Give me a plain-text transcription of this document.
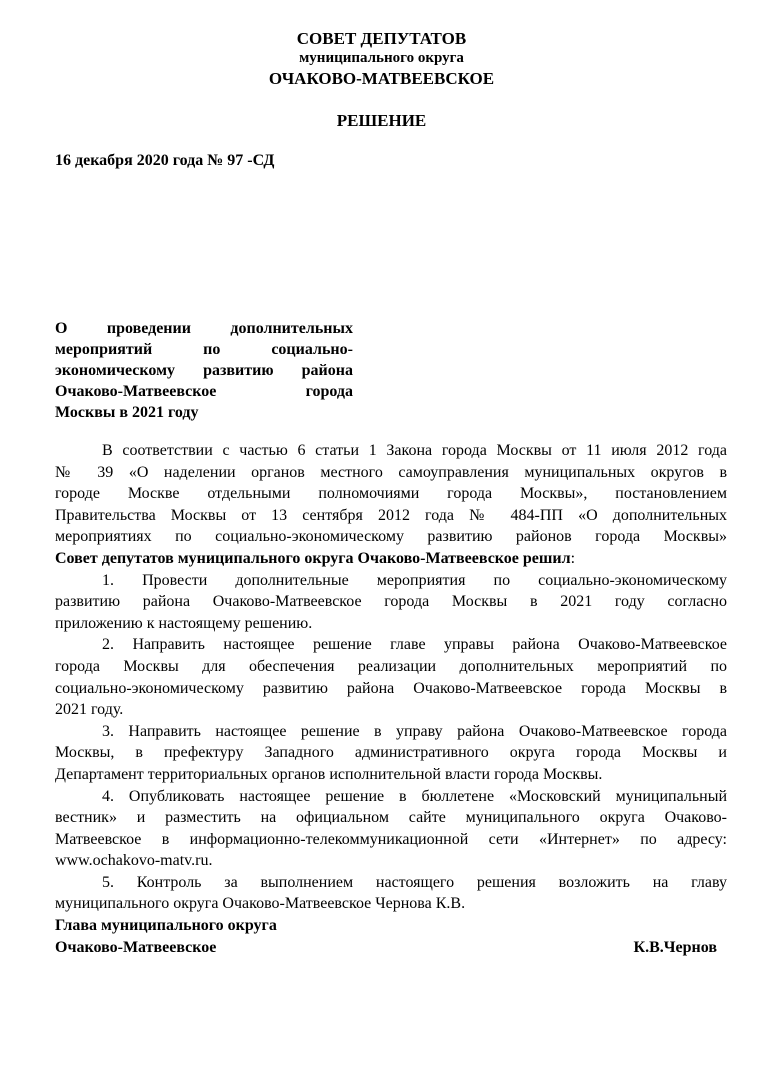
СОВЕТ ДЕПУТАТОВ
муниципального округа
ОЧАКОВО-МАТВЕЕВСКОЕ
РЕШЕНИЕ
16 декабря 2020 года № 97 -СД
О проведении дополнительных
мероприятий	по	социально-
экономическому развитию района
Очаково-Матвеевское	города
Москвы в 2021 году
В соответствии с частью 6 статьи 1 Закона города Москвы от 11 июля 2012 года
№ 39 «О наделении органов местного самоуправления муниципальных округов в
городе Москве отдельными полномочиями города Москвы», постановлением
Правительства Москвы от 13 сентября 2012 года № 484-ПП «О дополнительных
мероприятиях по социально-экономическому развитию районов города Москвы»
Совет депутатов муниципального округа Очаково-Матвеевское решил:
1. Провести дополнительные мероприятия по социально-экономическому
развитию района Очаково-Матвеевское города Москвы в 2021 году согласно
приложению к настоящему решению.
2. Направить настоящее решение главе управы района Очаково-Матвеевское
города Москвы для обеспечения реализации дополнительных мероприятий по
социально-экономическому развитию района Очаково-Матвеевское города Москвы в
2021 году.
3. Направить настоящее решение в управу района Очаково-Матвеевское города
Москвы, в префектуру Западного административного округа города Москвы и
Департамент территориальных органов исполнительной власти города Москвы.
4. Опубликовать настоящее решение в бюллетене «Московский муниципальный
вестник» и разместить на официальном сайте муниципального округа Очаково-
Матвеевское в информационно-телекоммуникационной сети «Интернет» по адресу:
www.ochakovo-matv.ru.
5. Контроль за выполнением настоящего решения возложить на главу
муниципального округа Очаково-Матвеевское Чернова К.В.
Глава муниципального округа
Очаково-Матвеевское	К.В.Чернов
